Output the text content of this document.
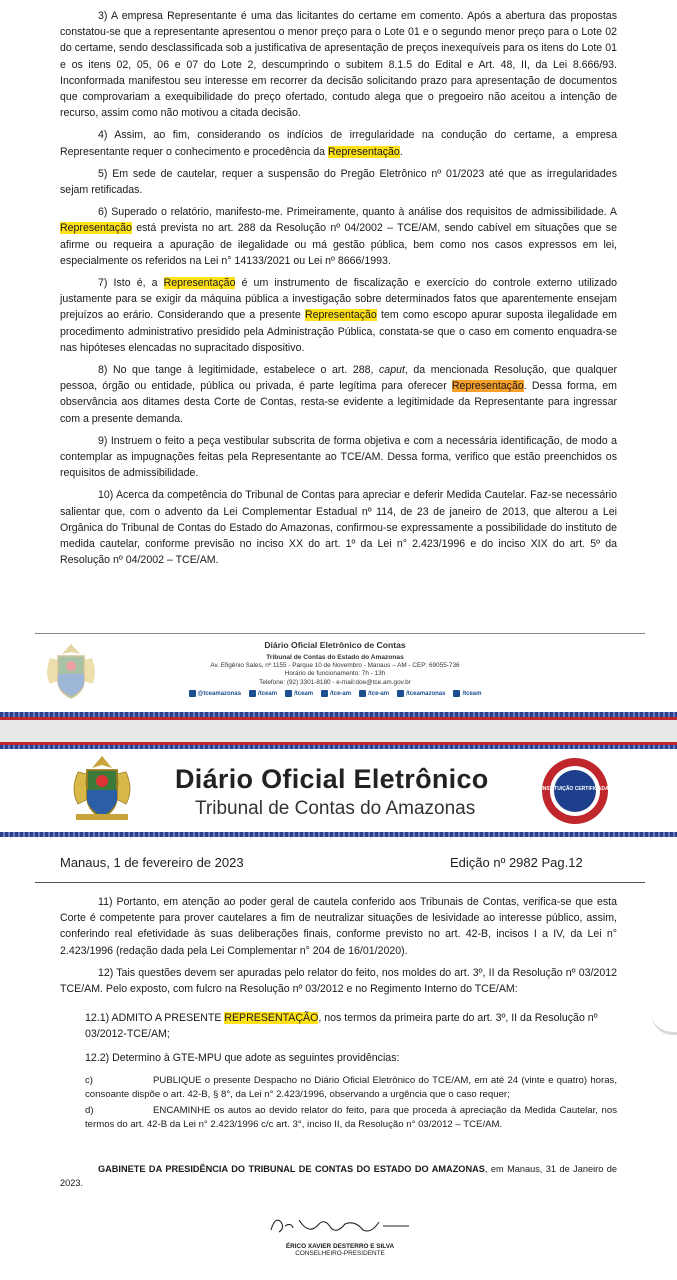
3) A empresa Representante é uma das licitantes do certame em comento. Após a abertura das propostas constatou-se que a representante apresentou o menor preço para o Lote 01 e o segundo menor preço para o Lote 02 do certame, sendo desclassificada sob a justificativa de apresentação de preços inexequíveis para os itens do Lote 01 e os itens 02, 05, 06 e 07 do Lote 2, descumprindo o subitem 8.1.5 do Edital e Art. 48, II, da Lei 8.666/93. Inconformada manifestou seu interesse em recorrer da decisão solicitando prazo para apresentação de documentos que comprovariam a exequibilidade do preço ofertado, contudo alega que o pregoeiro não aceitou a intenção de recurso, assim como não motivou a citada decisão.

4) Assim, ao fim, considerando os indícios de irregularidade na condução do certame, a empresa Representante requer o conhecimento e procedência da Representação.

5) Em sede de cautelar, requer a suspensão do Pregão Eletrônico nº 01/2023 até que as irregularidades sejam retificadas.

6) Superado o relatório, manifesto-me. Primeiramente, quanto à análise dos requisitos de admissibilidade. A Representação está prevista no art. 288 da Resolução nº 04/2002 – TCE/AM, sendo cabível em situações que se afirme ou requeira a apuração de ilegalidade ou má gestão pública, bem como nos casos expressos em lei, especialmente os referidos na Lei n° 14133/2021 ou Lei nº 8666/1993.

7) Isto é, a Representação é um instrumento de fiscalização e exercício do controle externo utilizado justamente para se exigir da máquina pública a investigação sobre determinados fatos que aparentemente ensejam prejuízos ao erário. Considerando que a presente Representação tem como escopo apurar suposta ilegalidade em procedimento administrativo presidido pela Administração Pública, constata-se que o caso em comento enquadra-se nas hipóteses elencadas no supracitado dispositivo.

8) No que tange à legitimidade, estabelece o art. 288, caput, da mencionada Resolução, que qualquer pessoa, órgão ou entidade, pública ou privada, é parte legítima para oferecer Representação. Dessa forma, em observância aos ditames desta Corte de Contas, resta-se evidente a legitimidade da Representante para ingressar com a presente demanda.

9) Instruem o feito a peça vestibular subscrita de forma objetiva e com a necessária identificação, de modo a contemplar as impugnações feitas pela Representante ao TCE/AM. Dessa forma, verifico que estão preenchidos os requisitos de admissibilidade.

10) Acerca da competência do Tribunal de Contas para apreciar e deferir Medida Cautelar. Faz-se necessário salientar que, com o advento da Lei Complementar Estadual nº 114, de 23 de janeiro de 2013, que alterou a Lei Orgânica do Tribunal de Contas do Estado do Amazonas, confirmou-se expressamente a possibilidade do instituto de medida cautelar, conforme previsão no inciso XX do art. 1º da Lei n° 2.423/1996 e do inciso XIX do art. 5º da Resolução nº 04/2002 – TCE/AM.

Diário Oficial Eletrônico de Contas
Tribunal de Contas do Estado do Amazonas
Av. Efigênio Sales, nº 1155 - Parque 10 de Novembro - Manaus – AM - CEP: 69055-736
Horário de funcionamento: 7h - 13h
Telefone: (92) 3301-8180 - e-mail:doe@tce.am.gov.br
@tceamazonas	/tceam	/tceam	/tce-am	/tce-am	/tceamazonas	/tceam
Diário Oficial Eletrônico
Tribunal de Contas do Amazonas
INSTITUIÇÃO CERTIFICADA
Manaus, 1 de fevereiro de 2023	Edição nº 2982 Pag.12

11) Portanto, em atenção ao poder geral de cautela conferido aos Tribunais de Contas, verifica-se que esta Corte é competente para prover cautelares a fim de neutralizar situações de lesividade ao interesse público, assim, conferindo real efetividade às suas deliberações finais, conforme previsto no art. 42-B, incisos I a IV, da Lei n° 2.423/1996 (redação dada pela Lei Complementar n° 204 de 16/01/2020).

12) Tais questões devem ser apuradas pelo relator do feito, nos moldes do art. 3º, II da Resolução nº 03/2012 TCE/AM. Pelo exposto, com fulcro na Resolução nº 03/2012 e no Regimento Interno do TCE/AM:

12.1) ADMITO A PRESENTE REPRESENTAÇÃO, nos termos da primeira parte do art. 3º, II da Resolução nº 03/2012-TCE/AM;
12.2) Determino à GTE-MPU que adote as seguintes providências:
c)	PUBLIQUE o presente Despacho no Diário Oficial Eletrônico do TCE/AM, em até 24 (vinte e quatro) horas, consoante dispõe o art. 42-B, § 8°, da Lei n° 2.423/1996, observando a urgência que o caso requer;
d)	ENCAMINHE os autos ao devido relator do feito, para que proceda à apreciação da Medida Cautelar, nos termos do art. 42-B da Lei n° 2.423/1996 c/c art. 3°, inciso II, da Resolução n° 03/2012 – TCE/AM.
GABINETE DA PRESIDÊNCIA DO TRIBUNAL DE CONTAS DO ESTADO DO AMAZONAS, em Manaus, 31 de Janeiro de 2023.
ÉRICO XAVIER DESTERRO E SILVA
CONSELHEIRO-PRESIDENTE
